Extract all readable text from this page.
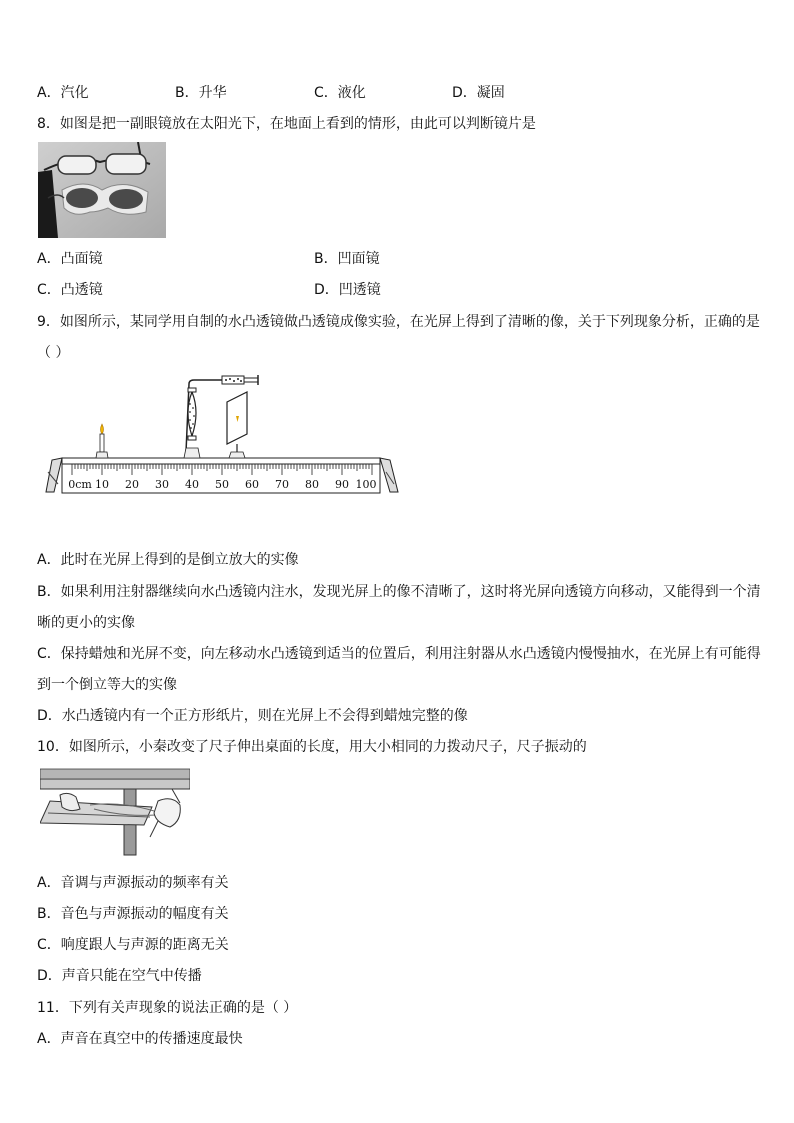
A．汽化	B．升华	C．液化	D．凝固
8．如图是把一副眼镜放在太阳光下，在地面上看到的情形，由此可以判断镜片是
A．凸面镜	B．凹面镜
C．凸透镜	D．凹透镜
9．如图所示，某同学用自制的水凸透镜做凸透镜成像实验，在光屏上得到了清晰的像，关于下列现象分析，正确的是
（ ）
0cm 10 20 30 40 50 60 70 80 90 100
A．此时在光屏上得到的是倒立放大的实像
B．如果利用注射器继续向水凸透镜内注水，发现光屏上的像不清晰了，这时将光屏向透镜方向移动，又能得到一个清
晰的更小的实像
C．保持蜡烛和光屏不变，向左移动水凸透镜到适当的位置后，利用注射器从水凸透镜内慢慢抽水，在光屏上有可能得
到一个倒立等大的实像
D．水凸透镜内有一个正方形纸片，则在光屏上不会得到蜡烛完整的像
10．如图所示，小秦改变了尺子伸出桌面的长度，用大小相同的力拨动尺子，尺子振动的
A．音调与声源振动的频率有关
B．音色与声源振动的幅度有关
C．响度跟人与声源的距离无关
D．声音只能在空气中传播
11．下列有关声现象的说法正确的是（ ）
A．声音在真空中的传播速度最快
